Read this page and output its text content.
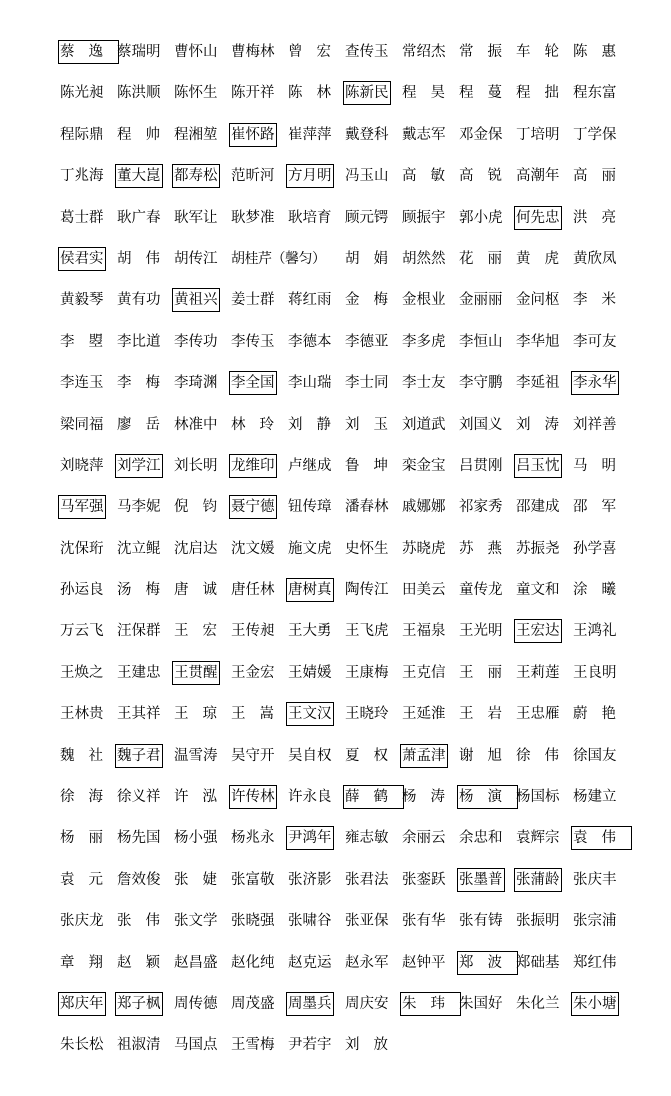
蔡逸 蔡瑞明 曹怀山 曹梅林 曾宏 查传玉 常绍杰 常振 车轮 陈惠
陈光昶 陈洪顺 陈怀生 陈开祥 陈林 陈新民 程昊 程蔓 程拙 程东富
程际鼎 程帅 程湘堃 崔怀路 崔萍萍 戴登科 戴志军 邓金保 丁培明 丁学保
丁兆海 董大崑 都寿松 范昕河 方月明 冯玉山 高敏 高锐 高潮年 高丽
葛士群 耿广春 耿军让 耿梦准 耿培育 顾元锷 顾振宇 郭小虎 何先忠 洪亮
侯君实 胡伟 胡传江 胡桂芹（馨匀） 胡娟 胡然然 花丽 黄虎 黄欣凤
黄毅琴 黄有功 黄祖兴 姜士群 蒋红雨 金梅 金根业 金丽丽 金问枢 李米
李曌 李比道 李传功 李传玉 李德本 李德亚 李多虎 李恒山 李华旭 李可友
李连玉 李梅 李琦渊 李全国 李山瑞 李士同 李士友 李守鹏 李延祖 李永华
梁同福 廖岳 林准中 林玲 刘静 刘玉 刘道武 刘国义 刘涛 刘祥善
刘晓萍 刘学江 刘长明 龙维印 卢继成 鲁坤 栾金宝 吕贯刚 吕玉忱 马明
马军强 马李妮 倪钧 聂宁德 钮传璋 潘春林 戚娜娜 祁家秀 邵建成 邵军
沈保珩 沈立鲲 沈启达 沈文媛 施文虎 史怀生 苏晓虎 苏燕 苏振尧 孙学喜
孙运良 汤梅 唐诚 唐任林 唐树真 陶传江 田美云 童传龙 童文和 涂曦
万云飞 汪保群 王宏 王传昶 王大勇 王飞虎 王福泉 王光明 王宏达 王鸿礼
王焕之 王建忠 王贯醒 王金宏 王婧媛 王康梅 王克信 王丽 王莉莲 王良明
王林贵 王其祥 王琼 王嵩 王文汉 王晓玲 王延淮 王岩 王忠雁 蔚艳
魏社 魏子君 温雪涛 吴守开 吴自权 夏权 萧孟津 谢旭 徐伟 徐国友
徐海 徐义祥 许泓 许传林 许永良 薛鹤 杨涛 杨演 杨国标 杨建立
杨丽 杨先国 杨小强 杨兆永 尹鸿年 雍志敏 余丽云 余忠和 袁辉宗 袁伟
袁元 詹效俊 张婕 张富敬 张济影 张君法 张銮跃 张墨普 张蒲龄 张庆丰
张庆龙 张伟 张文学 张晓强 张啸谷 张亚保 张有华 张有铸 张振明 张宗浦
章翔 赵颖 赵昌盛 赵化纯 赵克运 赵永军 赵钟平 郑波 郑础基 郑红伟
郑庆年 郑子枫 周传德 周茂盛 周墨兵 周庆安 朱玮 朱国好 朱化兰 朱小塘
朱长松 祖淑清 马国点 王雪梅 尹若宇 刘放
